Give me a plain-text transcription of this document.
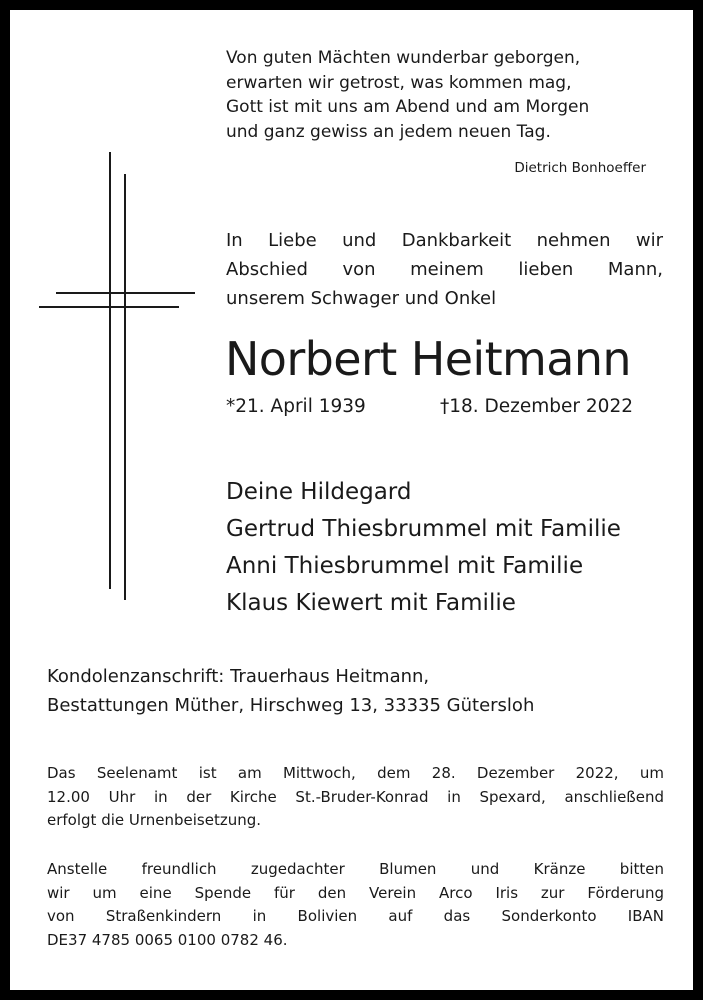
Von guten Mächten wunderbar geborgen,
erwarten wir getrost, was kommen mag,
Gott ist mit uns am Abend und am Morgen
und ganz gewiss an jedem neuen Tag.
Dietrich Bonhoeffer
In Liebe und Dankbarkeit nehmen wir
Abschied von meinem lieben Mann,
unserem Schwager und Onkel
Norbert Heitmann
*21. April 1939	†18. Dezember 2022
Deine Hildegard
Gertrud Thiesbrummel mit Familie
Anni Thiesbrummel mit Familie
Klaus Kiewert mit Familie
Kondolenzanschrift: Trauerhaus Heitmann,
Bestattungen Müther, Hirschweg 13, 33335 Gütersloh
Das Seelenamt ist am Mittwoch, dem 28. Dezember 2022, um
12.00 Uhr in der Kirche St.-Bruder-Konrad in Spexard, anschließend
erfolgt die Urnenbeisetzung.
Anstelle freundlich zugedachter Blumen und Kränze bitten
wir um eine Spende für den Verein Arco Iris zur Förderung
von Straßenkindern in Bolivien auf das Sonderkonto IBAN
DE37 4785 0065 0100 0782 46.
